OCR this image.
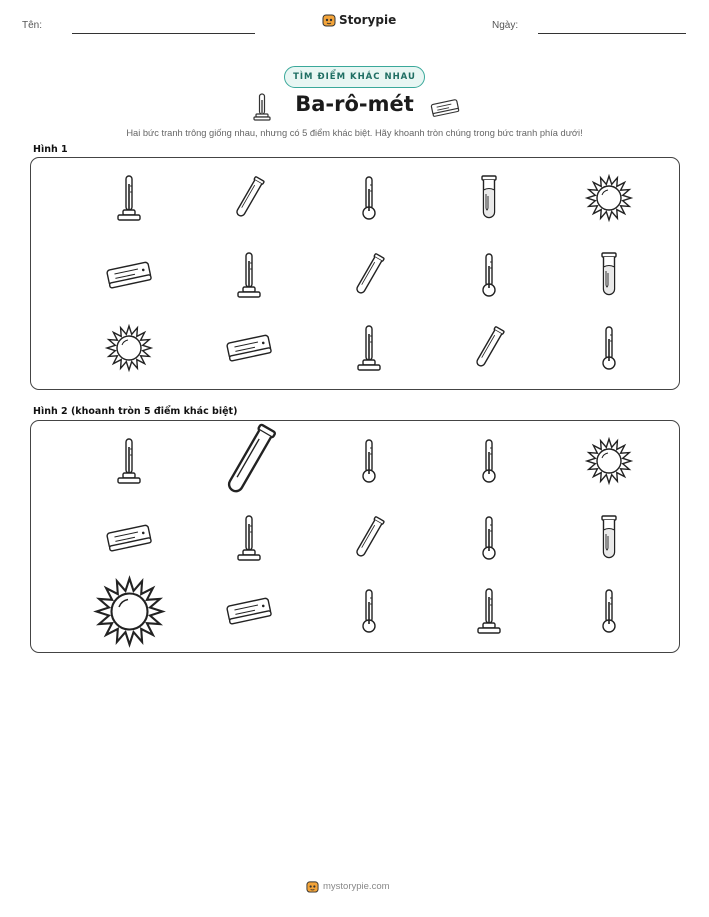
Tên:	Storypie	Ngày:
TÌM ĐIỂM KHÁC NHAU
Ba-rô-mét
Hai bức tranh trông giống nhau, nhưng có 5 điểm khác biệt. Hãy khoanh tròn chúng trong bức tranh phía dưới!
Hình 1
Hình 2 (khoanh tròn 5 điểm khác biệt)
mystorypie.com
